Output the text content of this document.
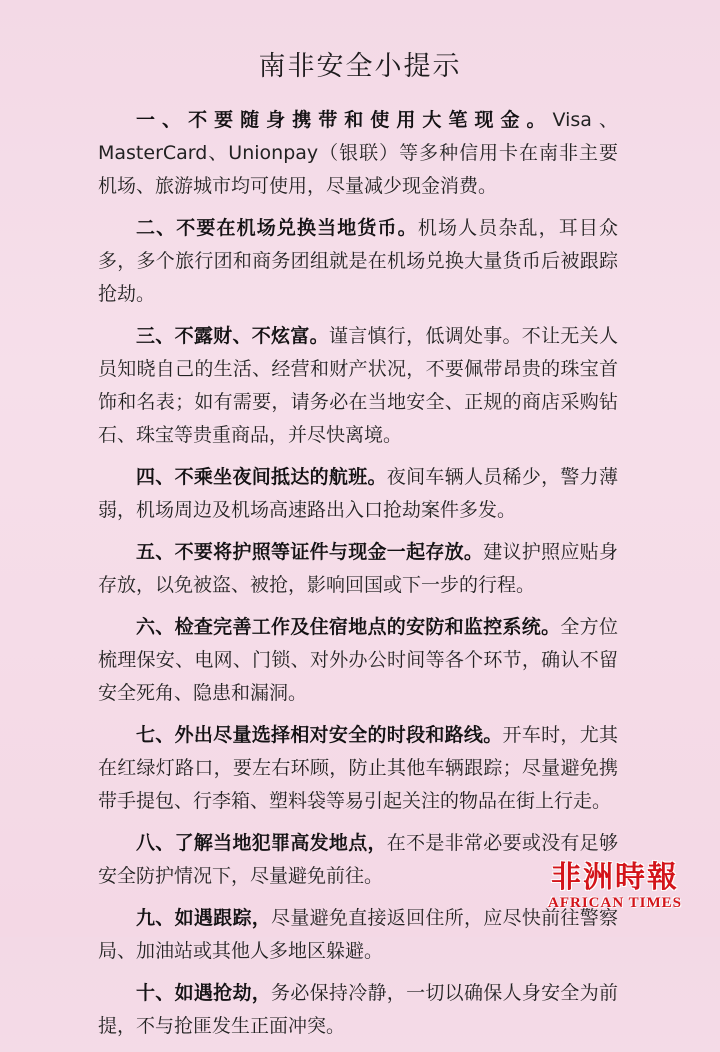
南非安全小提示

一、不要随身携带和使用大笔现金。Visa、MasterCard、Unionpay（银联）等多种信用卡在南非主要机场、旅游城市均可使用，尽量减少现金消费。

二、不要在机场兑换当地货币。机场人员杂乱，耳目众多，多个旅行团和商务团组就是在机场兑换大量货币后被跟踪抢劫。

三、不露财、不炫富。谨言慎行，低调处事。不让无关人员知晓自己的生活、经营和财产状况，不要佩带昂贵的珠宝首饰和名表；如有需要，请务必在当地安全、正规的商店采购钻石、珠宝等贵重商品，并尽快离境。

四、不乘坐夜间抵达的航班。夜间车辆人员稀少，警力薄弱，机场周边及机场高速路出入口抢劫案件多发。

五、不要将护照等证件与现金一起存放。建议护照应贴身存放，以免被盗、被抢，影响回国或下一步的行程。

六、检查完善工作及住宿地点的安防和监控系统。全方位梳理保安、电网、门锁、对外办公时间等各个环节，确认不留安全死角、隐患和漏洞。

七、外出尽量选择相对安全的时段和路线。开车时，尤其在红绿灯路口，要左右环顾，防止其他车辆跟踪；尽量避免携带手提包、行李箱、塑料袋等易引起关注的物品在街上行走。

八、了解当地犯罪高发地点，在不是非常必要或没有足够安全防护情况下，尽量避免前往。

九、如遇跟踪，尽量避免直接返回住所，应尽快前往警察局、加油站或其他人多地区躲避。

十、如遇抢劫，务必保持冷静，一切以确保人身安全为前提，不与抢匪发生正面冲突。

非洲時報
AFRICAN TIMES
